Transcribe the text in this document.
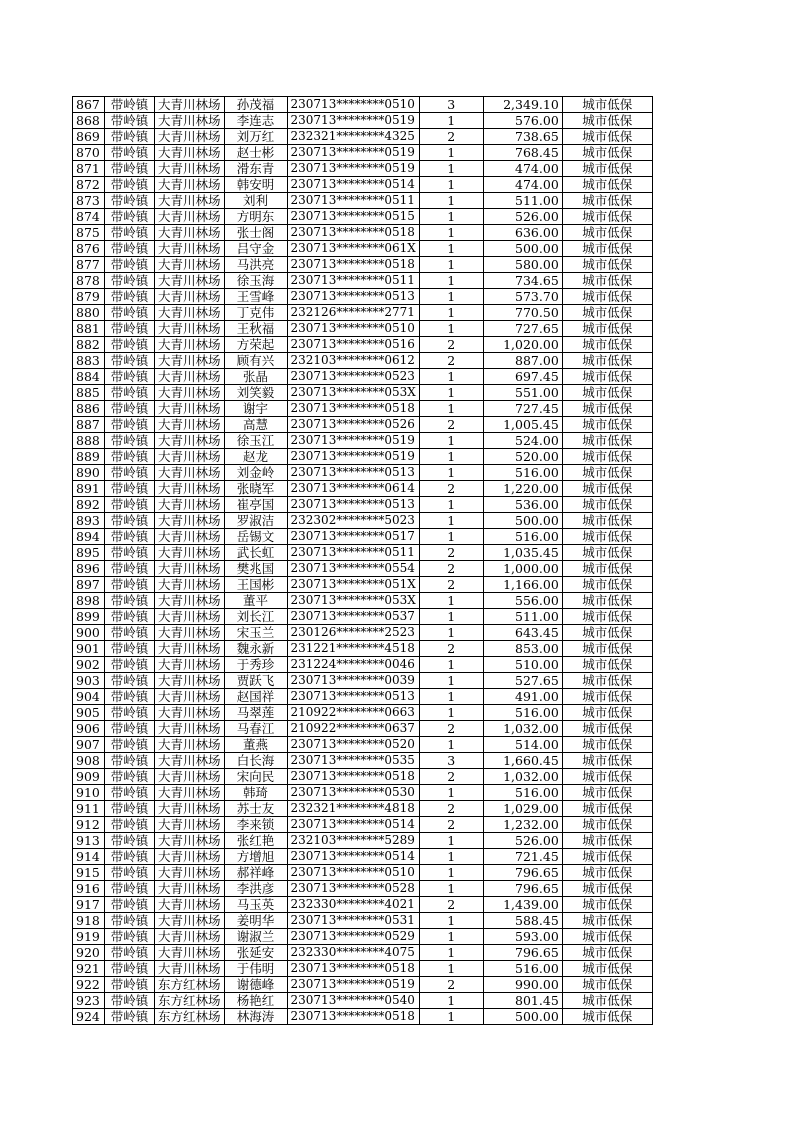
867	带岭镇	大青川林场	孙茂福	230713********0510	3	2,349.10	城市低保
868	带岭镇	大青川林场	李连志	230713********0519	1	576.00	城市低保
869	带岭镇	大青川林场	刘万红	232321********4325	2	738.65	城市低保
870	带岭镇	大青川林场	赵士彬	230713********0519	1	768.45	城市低保
871	带岭镇	大青川林场	滑东青	230713********0519	1	474.00	城市低保
872	带岭镇	大青川林场	韩安明	230713********0514	1	474.00	城市低保
873	带岭镇	大青川林场	刘利	230713********0511	1	511.00	城市低保
874	带岭镇	大青川林场	方明东	230713********0515	1	526.00	城市低保
875	带岭镇	大青川林场	张士阁	230713********0518	1	636.00	城市低保
876	带岭镇	大青川林场	吕守金	230713********061X	1	500.00	城市低保
877	带岭镇	大青川林场	马洪亮	230713********0518	1	580.00	城市低保
878	带岭镇	大青川林场	徐玉海	230713********0511	1	734.65	城市低保
879	带岭镇	大青川林场	王雪峰	230713********0513	1	573.70	城市低保
880	带岭镇	大青川林场	丁克伟	232126********2771	1	770.50	城市低保
881	带岭镇	大青川林场	王秋福	230713********0510	1	727.65	城市低保
882	带岭镇	大青川林场	方荣起	230713********0516	2	1,020.00	城市低保
883	带岭镇	大青川林场	顾有兴	232103********0612	2	887.00	城市低保
884	带岭镇	大青川林场	张晶	230713********0523	1	697.45	城市低保
885	带岭镇	大青川林场	刘笑毅	230713********053X	1	551.00	城市低保
886	带岭镇	大青川林场	谢宇	230713********0518	1	727.45	城市低保
887	带岭镇	大青川林场	高慧	230713********0526	2	1,005.45	城市低保
888	带岭镇	大青川林场	徐玉江	230713********0519	1	524.00	城市低保
889	带岭镇	大青川林场	赵龙	230713********0519	1	520.00	城市低保
890	带岭镇	大青川林场	刘金岭	230713********0513	1	516.00	城市低保
891	带岭镇	大青川林场	张晓军	230713********0614	2	1,220.00	城市低保
892	带岭镇	大青川林场	崔亭国	230713********0513	1	536.00	城市低保
893	带岭镇	大青川林场	罗淑洁	232302********5023	1	500.00	城市低保
894	带岭镇	大青川林场	岳锡文	230713********0517	1	516.00	城市低保
895	带岭镇	大青川林场	武长虹	230713********0511	2	1,035.45	城市低保
896	带岭镇	大青川林场	樊兆国	230713********0554	2	1,000.00	城市低保
897	带岭镇	大青川林场	王国彬	230713********051X	2	1,166.00	城市低保
898	带岭镇	大青川林场	董平	230713********053X	1	556.00	城市低保
899	带岭镇	大青川林场	刘长江	230713********0537	1	511.00	城市低保
900	带岭镇	大青川林场	宋玉兰	230126********2523	1	643.45	城市低保
901	带岭镇	大青川林场	魏永新	231221********4518	2	853.00	城市低保
902	带岭镇	大青川林场	于秀珍	231224********0046	1	510.00	城市低保
903	带岭镇	大青川林场	贾跃飞	230713********0039	1	527.65	城市低保
904	带岭镇	大青川林场	赵国祥	230713********0513	1	491.00	城市低保
905	带岭镇	大青川林场	马翠莲	210922********0663	1	516.00	城市低保
906	带岭镇	大青川林场	马春江	210922********0637	2	1,032.00	城市低保
907	带岭镇	大青川林场	董燕	230713********0520	1	514.00	城市低保
908	带岭镇	大青川林场	白长海	230713********0535	3	1,660.45	城市低保
909	带岭镇	大青川林场	宋向民	230713********0518	2	1,032.00	城市低保
910	带岭镇	大青川林场	韩琦	230713********0530	1	516.00	城市低保
911	带岭镇	大青川林场	苏士友	232321********4818	2	1,029.00	城市低保
912	带岭镇	大青川林场	李来锁	230713********0514	2	1,232.00	城市低保
913	带岭镇	大青川林场	张红艳	232103********5289	1	526.00	城市低保
914	带岭镇	大青川林场	方增旭	230713********0514	1	721.45	城市低保
915	带岭镇	大青川林场	郝祥峰	230713********0510	1	796.65	城市低保
916	带岭镇	大青川林场	李洪彦	230713********0528	1	796.65	城市低保
917	带岭镇	大青川林场	马玉英	232330********4021	2	1,439.00	城市低保
918	带岭镇	大青川林场	姜明华	230713********0531	1	588.45	城市低保
919	带岭镇	大青川林场	谢淑兰	230713********0529	1	593.00	城市低保
920	带岭镇	大青川林场	张延安	232330********4075	1	796.65	城市低保
921	带岭镇	大青川林场	于伟明	230713********0518	1	516.00	城市低保
922	带岭镇	东方红林场	谢德峰	230713********0519	2	990.00	城市低保
923	带岭镇	东方红林场	杨艳红	230713********0540	1	801.45	城市低保
924	带岭镇	东方红林场	林海涛	230713********0518	1	500.00	城市低保
